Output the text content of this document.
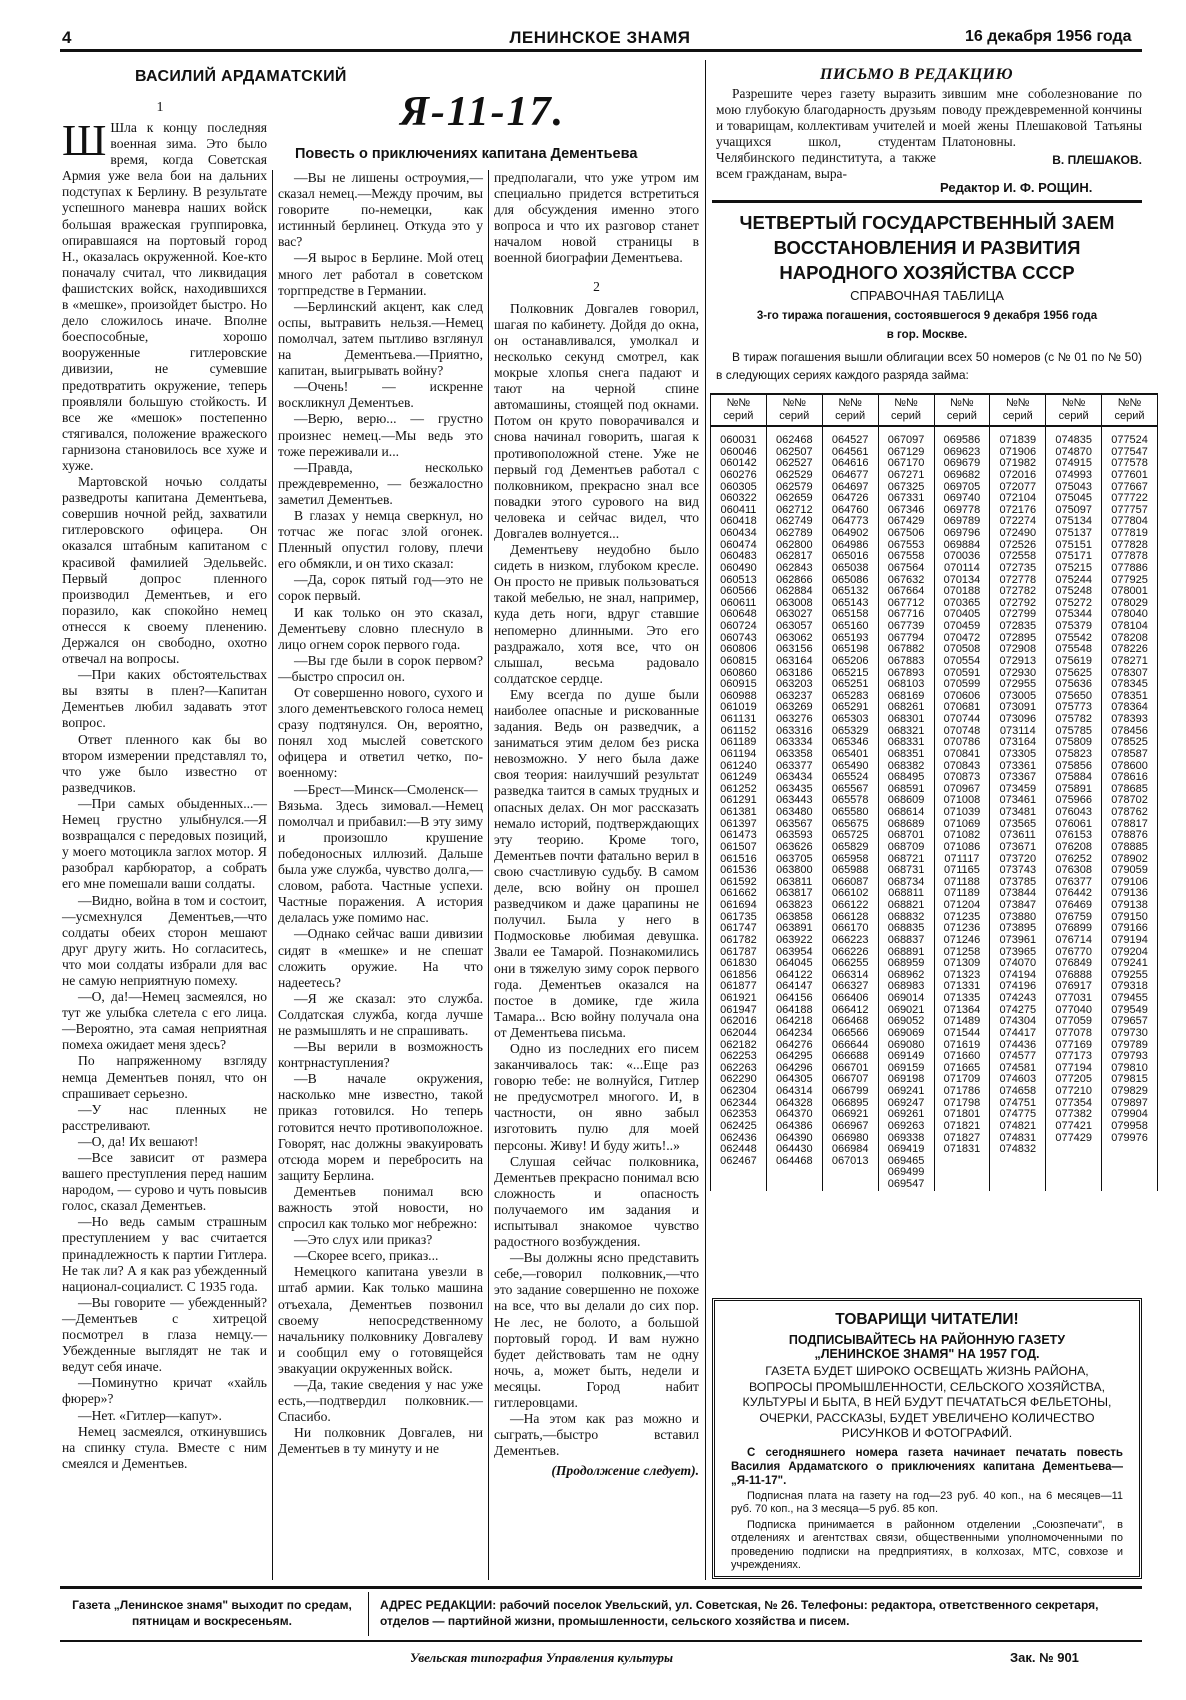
4	ЛЕНИНСКОЕ ЗНАМЯ	16 декабря 1956 года
ВАСИЛИЙ АРДАМАТСКИЙ
Я-11-17.
Повесть о приключениях капитана Дементьева
1

Ш Шла к концу последняя военная зима. Это было время, когда Советская Армия уже вела бои на дальних подступах к Берлину. В результате успешного маневра наших войск большая вражеская группировка, опиравшаяся на портовый город Н., оказалась окруженной. Кое-кто поначалу считал, что ликвидация фашистских войск, находившихся в «мешке», произойдет быстро. Но дело сложилось иначе. Вполне боеспособные, хорошо вооруженные гитлеровские дивизии, не сумевшие предотвратить окружение, теперь проявляли большую стойкость. И все же «мешок» постепенно стягивался, положение вражеского гарнизона становилось все хуже и хуже.

Мартовской ночью солдаты разведроты капитана Дементьева, совершив ночной рейд, захватили гитлеровского офицера. Он оказался штабным капитаном с красивой фамилией Эдельвейс. Первый допрос пленного производил Дементьев, и его поразило, как спокойно немец отнесся к своему пленению. Держался он свободно, охотно отвечал на вопросы.

—При каких обстоятельствах вы взяты в плен?—Капитан Дементьев любил задавать этот вопрос.

Ответ пленного как бы во втором измерении представлял то, что уже было известно от разведчиков.

—При самых обыденных...—Немец грустно улыбнулся.—Я возвращался с передовых позиций, у моего мотоцикла заглох мотор. Я разобрал карбюратор, а собрать его мне помешали ваши солдаты.

—Видно, война в том и состоит,—усмехнулся Дементьев,—что солдаты обеих сторон мешают друг другу жить. Но согласитесь, что мои солдаты избрали для вас не самую неприятную помеху.

—О, да!—Немец засмеялся, но тут же улыбка слетела с его лица.—Вероятно, эта самая неприятная помеха ожидает меня здесь?

По напряженному взгляду немца Дементьев понял, что он спрашивает серьезно.

—У нас пленных не расстреливают.

—О, да! Их вешают!

—Все зависит от размера вашего преступления перед нашим народом, — сурово и чуть повысив голос, сказал Дементьев.

—Но ведь самым страшным преступлением у вас считается принадлежность к партии Гитлера. Не так ли? А я как раз убежденный национал-социалист. С 1935 года.

—Вы говорите — убежденный?—Дементьев с хитрецой посмотрел в глаза немцу.—Убежденные выглядят не так и ведут себя иначе.

—Поминутно кричат «хайль фюрер»?

—Нет. «Гитлер—капут».

Немец засмеялся, откинувшись на спинку стула. Вместе с ним смеялся и Дементьев.

—Вы не лишены остроумия,—сказал немец.—Между прочим, вы говорите по-немецки, как истинный берлинец. Откуда это у вас?

—Я вырос в Берлине. Мой отец много лет работал в советском торгпредстве в Германии.

—Берлинский акцент, как след оспы, вытравить нельзя.—Немец помолчал, затем пытливо взглянул на Дементьева.—Приятно, капитан, выигрывать войну?

—Очень! — искренне воскликнул Дементьев.

—Верю, верю... — грустно произнес немец.—Мы ведь это тоже переживали и...

—Правда, несколько преждевременно, — безжалостно заметил Дементьев.

В глазах у немца сверкнул, но тотчас же погас злой огонек. Пленный опустил голову, плечи его обмякли, и он тихо сказал:

—Да, сорок пятый год—это не сорок первый.

И как только он это сказал, Дементьеву словно плеснуло в лицо огнем сорок первого года.

—Вы где были в сорок первом?—быстро спросил он.

От совершенно нового, сухого и злого дементьевского голоса немец сразу подтянулся. Он, вероятно, понял ход мыслей советского офицера и ответил четко, по-военному:

—Брест—Минск—Смоленск—Вязьма. Здесь зимовал.—Немец помолчал и прибавил:—В эту зиму и произошло крушение победоносных иллюзий. Дальше была уже служба, чувство долга,—словом, работа. Частные успехи. Частные поражения. А история делалась уже помимо нас.

—Однако сейчас ваши дивизии сидят в «мешке» и не спешат сложить оружие. На что надеетесь?

—Я же сказал: это служба. Солдатская служба, когда лучше не размышлять и не спрашивать.

—Вы верили в возможность контрнаступления?

—В начале окружения, насколько мне известно, такой приказ готовился. Но теперь готовится нечто противоположное. Говорят, нас должны эвакуировать отсюда морем и перебросить на защиту Берлина.

Дементьев понимал всю важность этой новости, но спросил как только мог небрежно:

—Это слух или приказ?

—Скорее всего, приказ...

Немецкого капитана увезли в штаб армии. Как только машина отъехала, Дементьев позвонил своему непосредственному начальнику полковнику Довгалеву и сообщил ему о готовящейся эвакуации окруженных войск.

—Да, такие сведения у нас уже есть,—подтвердил полковник.—Спасибо.

Ни полковник Довгалев, ни Дементьев в ту минуту и не

предполагали, что уже утром им специально придется встретиться для обсуждения именно этого вопроса и что их разговор станет началом новой страницы в военной биографии Дементьева.

2

Полковник Довгалев говорил, шагая по кабинету. Дойдя до окна, он останавливался, умолкал и несколько секунд смотрел, как мокрые хлопья снега падают и тают на черной спине автомашины, стоящей под окнами. Потом он круто поворачивался и снова начинал говорить, шагая к противоположной стене. Уже не первый год Дементьев работал с полковником, прекрасно знал все повадки этого сурового на вид человека и сейчас видел, что Довгалев волнуется...

Дементьеву неудобно было сидеть в низком, глубоком кресле. Он просто не привык пользоваться такой мебелью, не знал, например, куда деть ноги, вдруг ставшие непомерно длинными. Это его раздражало, хотя все, что он слышал, весьма радовало солдатское сердце.

Ему всегда по душе были наиболее опасные и рискованные задания. Ведь он разведчик, а заниматься этим делом без риска невозможно. У него была даже своя теория: наилучший результат разведка таится в самых трудных и опасных делах. Он мог рассказать немало историй, подтверждающих эту теорию. Кроме того, Дементьев почти фатально верил в свою счастливую судьбу. В самом деле, всю войну он прошел разведчиком и даже царапины не получил. Была у него в Подмосковье любимая девушка. Звали ее Тамарой. Познакомились они в тяжелую зиму сорок первого года. Дементьев оказался на постое в домике, где жила Тамара... Всю войну получала она от Дементьева письма.

Одно из последних его писем заканчивалось так: «...Еще раз говорю тебе: не волнуйся, Гитлер не предусмотрел многого. И, в частности, он явно забыл изготовить пулю для моей персоны. Живу! И буду жить!..»

Слушая сейчас полковника, Дементьев прекрасно понимал всю сложность и опасность получаемого им задания и испытывал знакомое чувство радостного возбуждения.

—Вы должны ясно представить себе,—говорил полковник,—что это задание совершенно не похоже на все, что вы делали до сих пор. Не лес, не болото, а большой портовый город. И вам нужно будет действовать там не одну ночь, а, может быть, недели и месяцы. Город набит гитлеровцами.

—На этом как раз можно и сыграть,—быстро вставил Дементьев.

(Продолжение следует).
ПИСЬМО В РЕДАКЦИЮ

Разрешите через газету выразить мою глубокую благодарность друзьям и товарищам, коллективам учителей и учащихся школ, студентам Челябинского пединститута, а также всем гражданам, выра-

зившим мне соболезнование по поводу преждевременной кончины моей жены Плешаковой Татьяны Платоновны.

В. ПЛЕШАКОВ.
Редактор И. Ф. РОЩИН.
ЧЕТВЕРТЫЙ ГОСУДАРСТВЕННЫЙ ЗАЕМ
ВОССТАНОВЛЕНИЯ И РАЗВИТИЯ
НАРОДНОГО ХОЗЯЙСТВА СССР
СПРАВОЧНАЯ ТАБЛИЦА
3-го тиража погашения, состоявшегося 9 декабря 1956 года
в гор. Москве.
В тираж погашения вышли облигации всех 50 номеров (с № 01 по № 50) в следующих сериях каждого разряда займа:
№№
серий	№№
серий	№№
серий	№№
серий	№№
серий	№№
серий	№№
серий	№№
серий
060031	062468	064527	067097	069586	071839	074835	077524
060046	062507	064561	067129	069623	071906	074870	077547
060142	062527	064616	067170	069679	071982	074915	077578
060276	062529	064677	067271	069682	072016	074993	077601
060305	062579	064697	067325	069705	072077	075043	077667
060322	062659	064726	067331	069740	072104	075045	077722
060411	062712	064760	067346	069778	072176	075097	077757
060418	062749	064773	067429	069789	072274	075134	077804
060434	062789	064902	067506	069796	072490	075137	077819
060474	062800	064986	067553	069884	072526	075151	077828
060483	062817	065016	067558	070036	072558	075171	077878
060490	062843	065038	067564	070114	072735	075215	077886
060513	062866	065086	067632	070134	072778	075244	077925
060566	062884	065132	067664	070188	072782	075248	078001
060611	063008	065143	067712	070365	072792	075272	078029
060648	063027	065158	067716	070405	072799	075344	078040
060724	063057	065160	067739	070459	072835	075379	078104
060743	063062	065193	067794	070472	072895	075542	078208
060806	063156	065198	067882	070508	072908	075548	078226
060815	063164	065206	067883	070554	072913	075619	078271
060860	063186	065215	067893	070591	072930	075625	078307
060915	063203	065251	068103	070599	072955	075636	078345
060988	063237	065283	068169	070606	073005	075650	078351
061019	063269	065291	068261	070681	073091	075773	078364
061131	063276	065303	068301	070744	073096	075782	078393
061152	063316	065329	068321	070748	073114	075785	078456
061189	063334	065346	068331	070786	073164	075809	078525
061194	063358	065401	068351	070841	073305	075823	078587
061240	063377	065490	068382	070843	073361	075856	078600
061249	063434	065524	068495	070873	073367	075884	078616
061252	063435	065567	068591	070967	073459	075891	078685
061291	063443	065578	068609	071008	073461	075966	078702
061381	063480	065580	068614	071039	073481	076043	078762
061397	063567	065675	068689	071069	073565	076061	078817
061473	063593	065725	068701	071082	073611	076153	078876
061507	063626	065829	068709	071086	073671	076208	078885
061516	063705	065958	068721	071117	073720	076252	078902
061536	063800	065988	068731	071165	073743	076308	079059
061592	063811	066087	068734	071188	073785	076377	079106
061662	063817	066102	068811	071189	073844	076442	079136
061694	063823	066122	068821	071204	073847	076469	079138
061735	063858	066128	068832	071235	073880	076759	079150
061747	063891	066170	068835	071236	073895	076899	079166
061782	063922	066223	068837	071246	073961	076714	079194
061787	063954	066226	068891	071258	073965	076770	079204
061830	064045	066255	068959	071309	074070	076849	079241
061856	064122	066314	068962	071323	074194	076888	079255
061877	064147	066327	068983	071331	074196	076917	079318
061921	064156	066406	069014	071335	074243	077031	079455
061947	064188	066412	069021	071364	074275	077040	079549
062016	064218	066468	069052	071489	074304	077059	079657
062044	064234	066566	069069	071544	074417	077078	079730
062182	064276	066644	069080	071619	074436	077169	079789
062253	064295	066688	069149	071660	074577	077173	079793
062263	064296	066701	069159	071665	074581	077194	079810
062290	064305	066707	069198	071709	074603	077205	079815
062304	064314	066799	069241	071786	074658	077210	079829
062344	064328	066895	069247	071798	074751	077354	079897
062353	064370	066921	069261	071801	074775	077382	079904
062425	064386	066967	069263	071821	074821	077421	079958
062436	064390	066980	069338	071827	074831	077429	079976
062448	064430	066984	069419	071831	074832		
062467	064468	067013	069465				
			069499				
			069547				
ТОВАРИЩИ ЧИТАТЕЛИ!
ПОДПИСЫВАЙТЕСЬ НА РАЙОННУЮ ГАЗЕТУ
„ЛЕНИНСКОЕ ЗНАМЯ" НА 1957 ГОД.
ГАЗЕТА БУДЕТ ШИРОКО ОСВЕЩАТЬ ЖИЗНЬ РАЙОНА, ВОПРОСЫ ПРОМЫШЛЕННОСТИ, СЕЛЬСКОГО ХОЗЯЙСТВА, КУЛЬТУРЫ И БЫТА, В НЕЙ БУДУТ ПЕЧАТАТЬСЯ ФЕЛЬЕТОНЫ, ОЧЕРКИ, РАССКАЗЫ, БУДЕТ УВЕЛИЧЕНО КОЛИЧЕСТВО РИСУНКОВ И ФОТОГРАФИЙ.
С сегодняшнего номера газета начинает печатать повесть Василия Ардаматского о приключениях капитана Дементьева—„Я-11-17".
Подписная плата на газету на год—23 руб. 40 коп., на 6 месяцев—11 руб. 70 коп., на 3 месяца—5 руб. 85 коп.
Подписка принимается в районном отделении „Союзпечати", в отделениях и агентствах связи, общественными уполномоченными по проведению подписки на предприятиях, в колхозах, МТС, совхозе и учреждениях.
Газета „Ленинское знамя" выходит по средам, пятницам и воскресеньям.
АДРЕС РЕДАКЦИИ: рабочий поселок Увельский, ул. Советская, № 26. Телефоны: редактора, ответственного секретаря, отделов — партийной жизни, промышленности, сельского хозяйства и писем.
Увельская типография Управления культуры	Зак. № 901
